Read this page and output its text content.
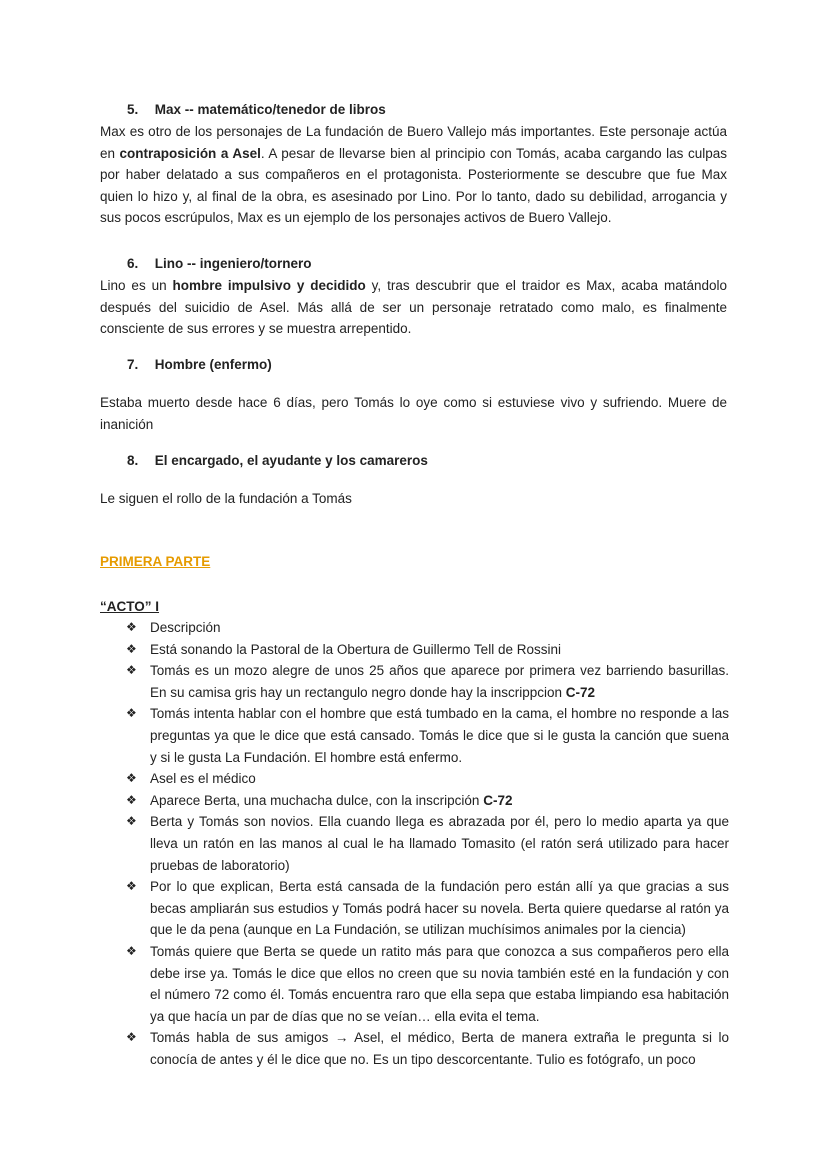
5. Max -- matemático/tenedor de libros
Max es otro de los personajes de La fundación de Buero Vallejo más importantes. Este personaje actúa en contraposición a Asel. A pesar de llevarse bien al principio con Tomás, acaba cargando las culpas por haber delatado a sus compañeros en el protagonista. Posteriormente se descubre que fue Max quien lo hizo y, al final de la obra, es asesinado por Lino. Por lo tanto, dado su debilidad, arrogancia y sus pocos escrúpulos, Max es un ejemplo de los personajes activos de Buero Vallejo.
6. Lino -- ingeniero/tornero
Lino es un hombre impulsivo y decidido y, tras descubrir que el traidor es Max, acaba matándolo después del suicidio de Asel. Más allá de ser un personaje retratado como malo, es finalmente consciente de sus errores y se muestra arrepentido.
7. Hombre (enfermo)
Estaba muerto desde hace 6 días, pero Tomás lo oye como si estuviese vivo y sufriendo. Muere de inanición
8. El encargado, el ayudante y los camareros
Le siguen el rollo de la fundación a Tomás
PRIMERA PARTE
“ACTO” I
❖ Descripción
❖ Está sonando la Pastoral de la Obertura de Guillermo Tell de Rossini
❖ Tomás es un mozo alegre de unos 25 años que aparece por primera vez barriendo basurillas. En su camisa gris hay un rectangulo negro donde hay la inscrippcion C-72
❖ Tomás intenta hablar con el hombre que está tumbado en la cama, el hombre no responde a las preguntas ya que le dice que está cansado. Tomás le dice que si le gusta la canción que suena y si le gusta La Fundación. El hombre está enfermo.
❖ Asel es el médico
❖ Aparece Berta, una muchacha dulce, con la inscripción C-72
❖ Berta y Tomás son novios. Ella cuando llega es abrazada por él, pero lo medio aparta ya que lleva un ratón en las manos al cual le ha llamado Tomasito (el ratón será utilizado para hacer pruebas de laboratorio)
❖ Por lo que explican, Berta está cansada de la fundación pero están allí ya que gracias a sus becas ampliarán sus estudios y Tomás podrá hacer su novela. Berta quiere quedarse al ratón ya que le da pena (aunque en La Fundación, se utilizan muchísimos animales por la ciencia)
❖ Tomás quiere que Berta se quede un ratito más para que conozca a sus compañeros pero ella debe irse ya. Tomás le dice que ellos no creen que su novia también esté en la fundación y con el número 72 como él. Tomás encuentra raro que ella sepa que estaba limpiando esa habitación ya que hacía un par de días que no se veían… ella evita el tema.
❖ Tomás habla de sus amigos → Asel, el médico, Berta de manera extraña le pregunta si lo conocía de antes y él le dice que no. Es un tipo descorcentante. Tulio es fotógrafo, un poco
